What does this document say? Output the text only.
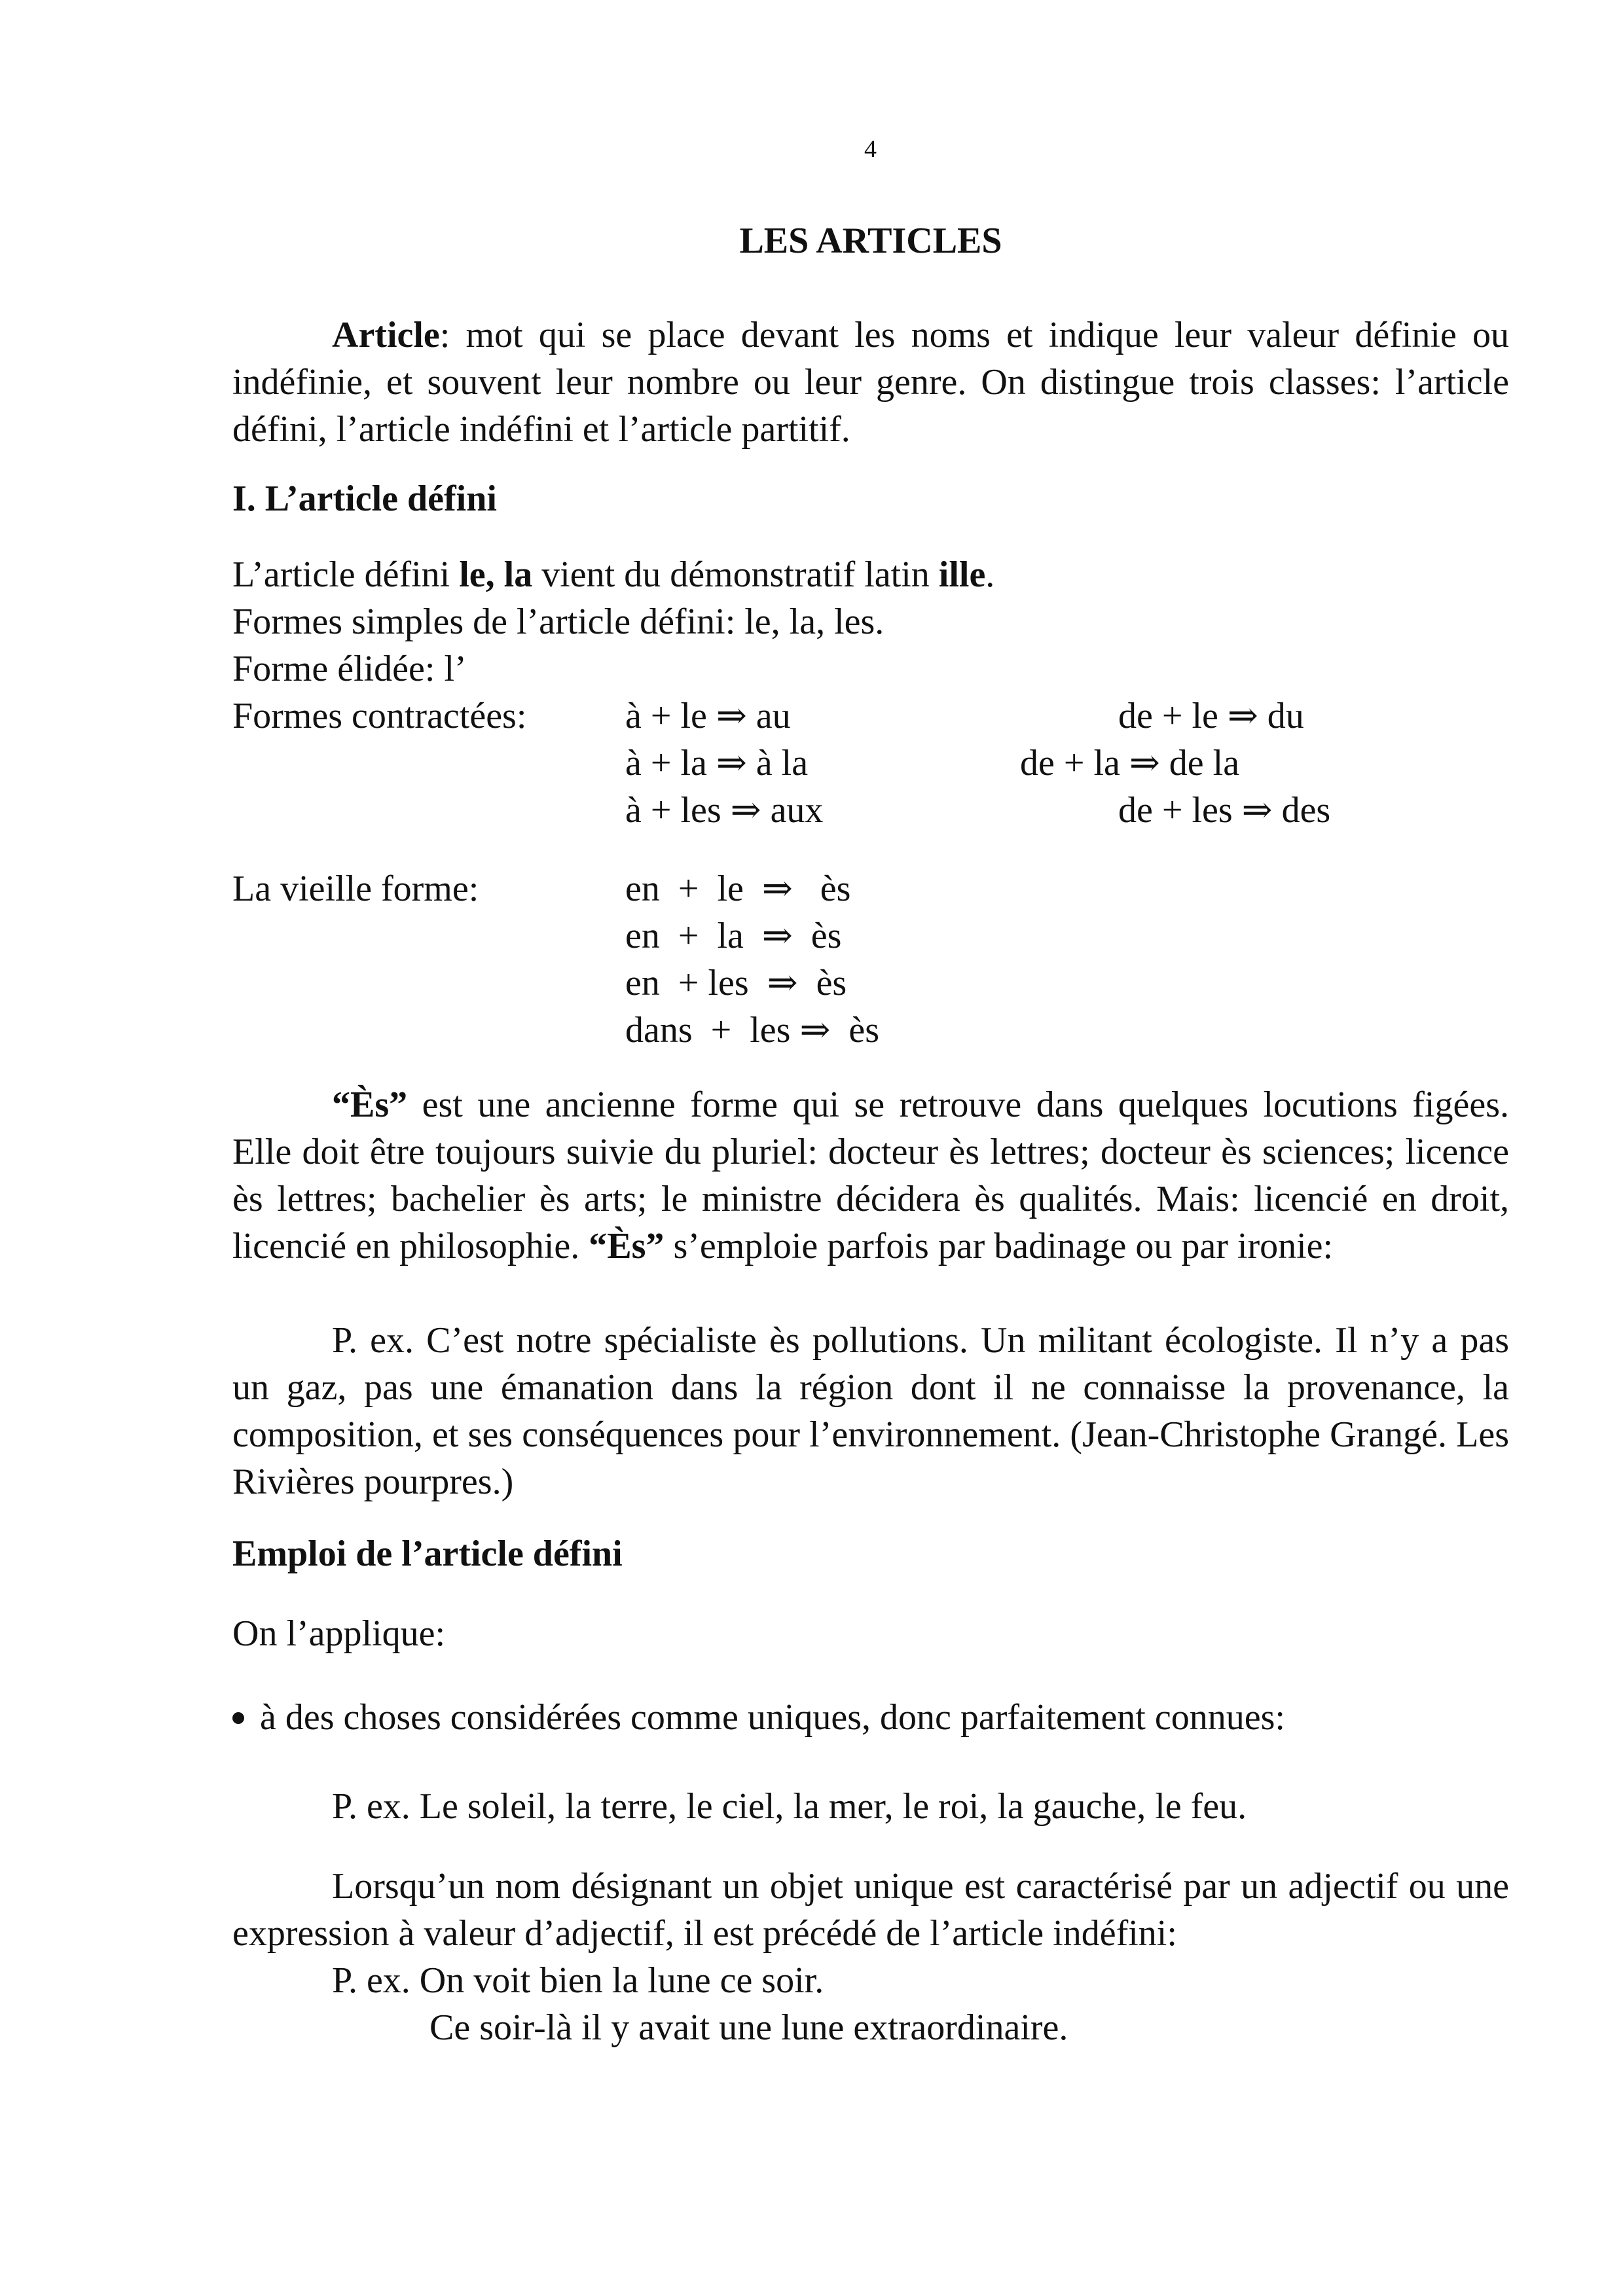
4
LES ARTICLES
Article: mot qui se place devant les noms et indique leur valeur définie ou indéfinie, et souvent leur nombre ou leur genre. On distingue trois classes: l’article défini, l’article indéfini et l’article partitif.
I. L’article défini
L’article défini le, la vient du démonstratif latin ille.
Formes simples de l’article défini: le, la, les.
Forme élidée: l’
Formes contractées:	à + le ⇒ au
à + la ⇒ à la
à + les ⇒ aux
de + le ⇒ du
de + la ⇒ de la
de + les ⇒ des
La vieille forme:	en  +  le  ⇒   ès
en  +  la  ⇒  ès
en  + les  ⇒  ès
dans  +  les ⇒  ès
“Ès” est une ancienne forme qui se retrouve dans quelques locutions figées. Elle doit être toujours suivie du pluriel: docteur ès lettres; docteur ès sciences; licence ès lettres; bachelier ès arts; le ministre décidera ès qualités. Mais: licencié en droit, licencié en philosophie. “Ès” s’emploie parfois par badinage ou par ironie:
P. ex. C’est notre spécialiste ès pollutions. Un militant écologiste. Il n’y a pas un gaz, pas une émanation dans la région dont il ne connaisse la provenance, la composition, et ses conséquences pour l’environnement. (Jean-Christophe Grangé. Les Rivières pourpres.)
Emploi de l’article défini
On l’applique:
à des choses considérées comme uniques, donc parfaitement connues:
P. ex. Le soleil, la terre, le ciel, la mer, le roi, la gauche, le feu.
Lorsqu’un nom désignant un objet unique est caractérisé par un adjectif ou une expression à valeur d’adjectif, il est précédé de l’article indéfini:
P. ex. On voit bien la lune ce soir.
Ce soir-là il y avait une lune extraordinaire.
